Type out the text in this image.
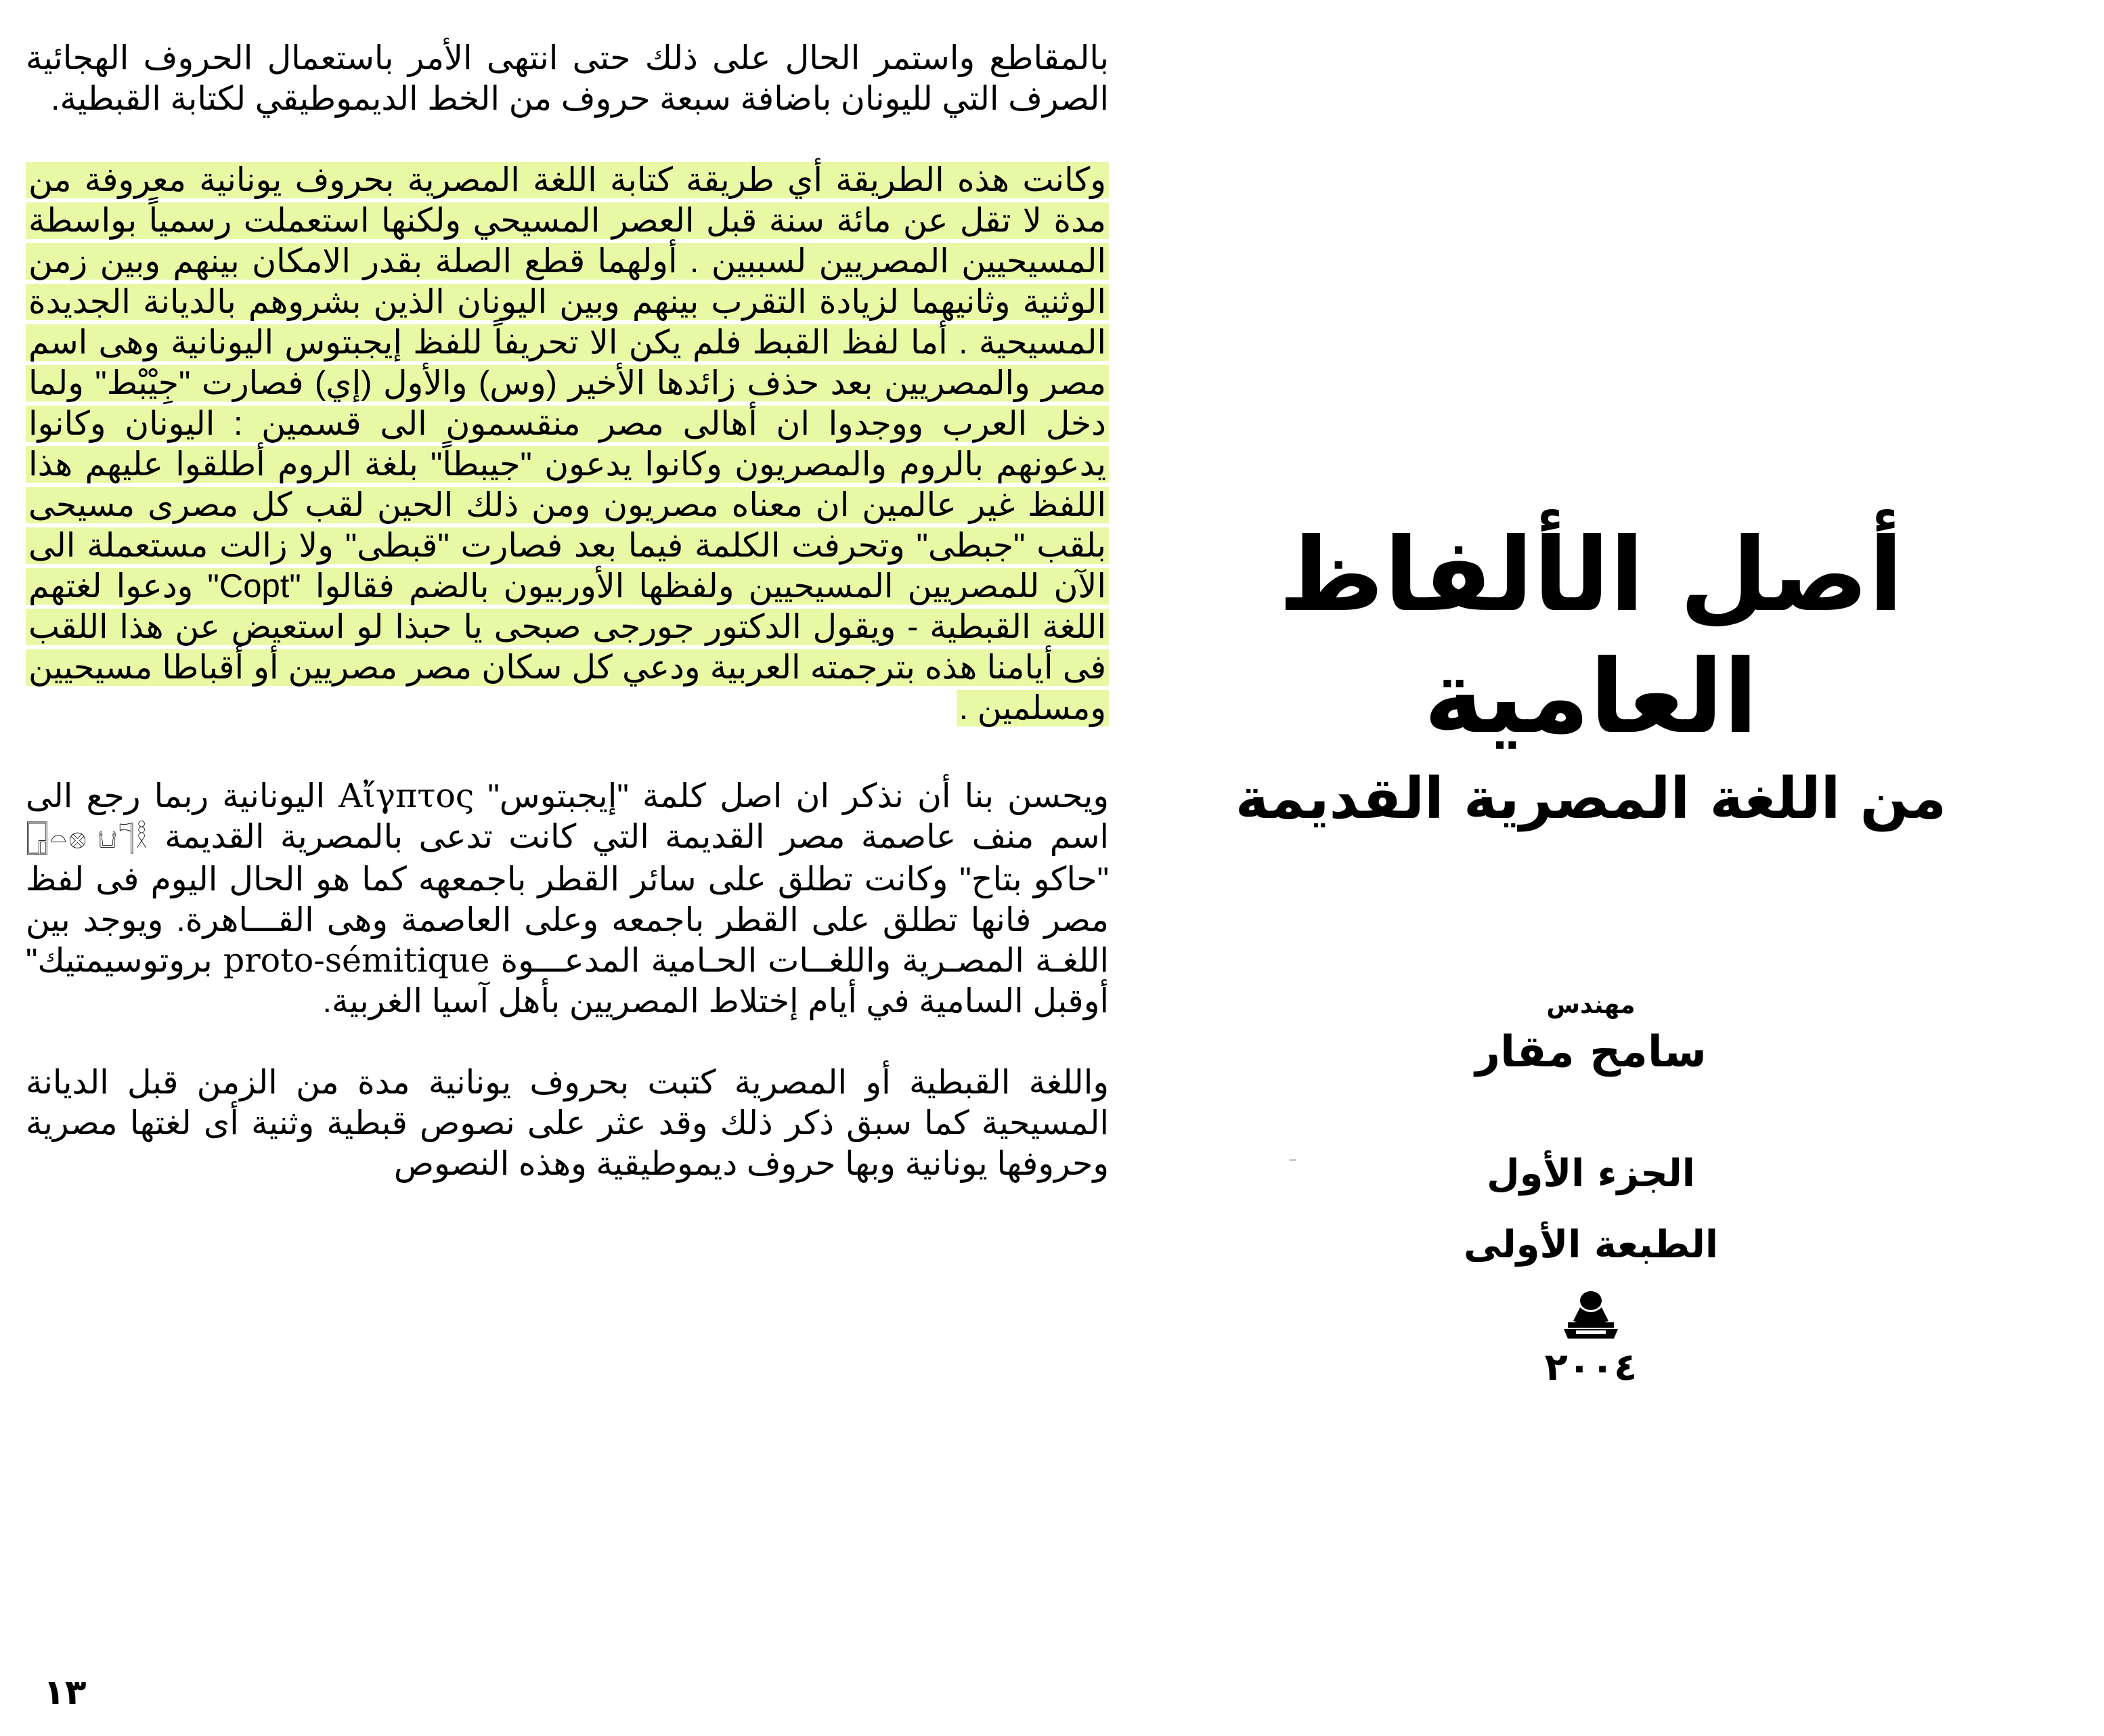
بالمقاطع واستمر الحال على ذلك حتى انتهى الأمر باستعمال الحروف الهجائية الصرف التي لليونان باضافة سبعة حروف من الخط الديموطيقي لكتابة القبطية.

وكانت هذه الطريقة أي طريقة كتابة اللغة المصرية بحروف يونانية معروفة من مدة لا تقل عن مائة سنة قبل العصر المسيحي ولكنها استعملت رسمياً بواسطة المسيحيين المصريين لسببين . أولهما قطع الصلة بقدر الامكان بينهم وبين زمن الوثنية وثانيهما لزيادة التقرب بينهم وبين اليونان الذين بشروهم بالديانة الجديدة المسيحية . أما لفظ القبط فلم يكن الا تحريفاً للفظ إيجبتوس اليونانية وهى اسم مصر والمصريين بعد حذف زائدها الأخير (وس) والأول (إي) فصارت "جِيْبْط" ولما دخل العرب ووجدوا ان أهالى مصر منقسمون الى قسمين : اليونان وكانوا يدعونهم بالروم والمصريون وكانوا يدعون "جيبطاً" بلغة الروم أطلقوا عليهم هذا اللفظ غير عالمين ان معناه مصريون ومن ذلك الحين لقب كل مصرى مسيحى بلقب "جبطى" وتحرفت الكلمة فيما بعد فصارت "قبطى" ولا زالت مستعملة الى الآن للمصريين المسيحيين ولفظها الأوربيون بالضم فقالوا "Copt" ودعوا لغتهم اللغة القبطية - ويقول الدكتور جورجى صبحى يا حبذا لو استعيض عن هذا اللقب فى أيامنا هذه بترجمته العربية ودعي كل سكان مصر مصريين أو أقباطا مسيحيين ومسلمين .

ويحسن بنا أن نذكر ان اصل كلمة "إيجبتوس" Αἴγπτος اليونانية ربما رجع الى اسم منف عاصمة مصر القديمة التي كانت تدعى بالمصرية القديمة 𓉗𓏏𓊖 𓂓𓊹𓎛 "حاكو بتاح" وكانت تطلق على سائر القطر باجمعهه كما هو الحال اليوم فى لفظ مصر فانها تطلق على القطر باجمعه وعلى العاصمة وهى القـــاهرة. ويوجد بين اللغـة المصـرية واللغــات الحـامية المدعـــوة proto-sémitique بروتوسيمتيك" أوقبل السامية في أيام إختلاط المصريين بأهل آسيا الغربية.

واللغة القبطية أو المصرية كتبت بحروف يونانية مدة من الزمن قبل الديانة المسيحية كما سبق ذكر ذلك وقد عثر على نصوص قبطية وثنية أى لغتها مصرية وحروفها يونانية وبها حروف ديموطيقية وهذه النصوص

١٣
أصل الألفاظ العامية
من اللغة المصرية القديمة
مهندس
سامح مقار
الجزء الأول
الطبعة الأولى
٢٠٠٤
